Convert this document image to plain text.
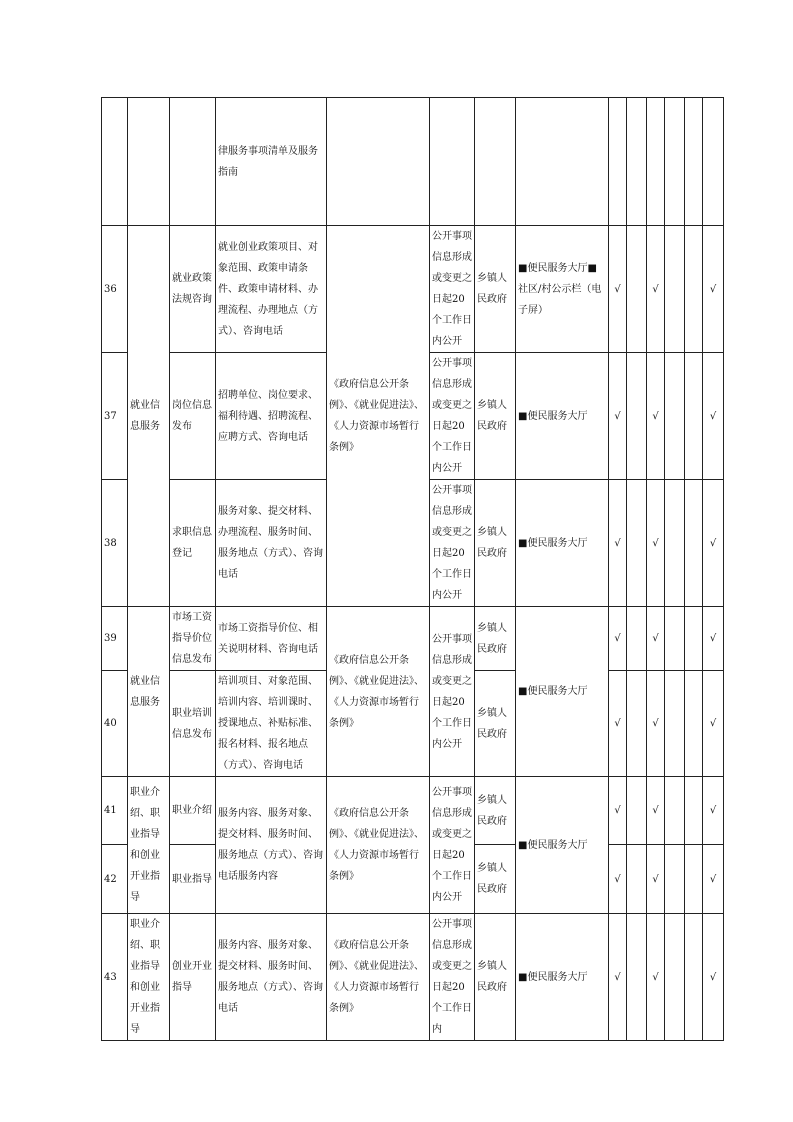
			律服务事项清单及服务指南										
36	就业信息服务	就业政策法规咨询	就业创业政策项目、对象范围、政策申请条件、政策申请材料、办理流程、办理地点（方式）、咨询电话	《政府信息公开条例》、《就业促进法》、《人力资源市场暂行条例》	公开事项信息形成或变更之日起20个工作日内公开	乡镇人民政府	■便民服务大厅■社区/村公示栏（电子屏）	√		√			√
37		岗位信息发布	招聘单位、岗位要求、福利待遇、招聘流程、应聘方式、咨询电话		公开事项信息形成或变更之日起20个工作日内公开	乡镇人民政府	■便民服务大厅	√		√			√
38		求职信息登记	服务对象、提交材料、办理流程、服务时间、服务地点（方式）、咨询电话		公开事项信息形成或变更之日起20个工作日内公开	乡镇人民政府	■便民服务大厅	√		√			√
39	就业信息服务	市场工资指导价位信息发布	市场工资指导价位、相关说明材料、咨询电话	《政府信息公开条例》、《就业促进法》、《人力资源市场暂行条例》	公开事项信息形成或变更之日起20个工作日内公开	乡镇人民政府	■便民服务大厅	√		√			√
40		职业培训信息发布	培训项目、对象范围、培训内容、培训课时、授课地点、补贴标准、报名材料、报名地点（方式）、咨询电话			乡镇人民政府		√		√			√
41	职业介绍、职业指导和创业开业指导	职业介绍	服务内容、服务对象、提交材料、服务时间、服务地点（方式）、咨询电话服务内容	《政府信息公开条例》、《就业促进法》、《人力资源市场暂行条例》	公开事项信息形成或变更之日起20个工作日内公开	乡镇人民政府	■便民服务大厅	√		√			√
42		职业指导				乡镇人民政府		√		√			√
43	职业介绍、职业指导和创业开业指导	创业开业指导	服务内容、服务对象、提交材料、服务时间、服务地点（方式）、咨询电话	《政府信息公开条例》、《就业促进法》、《人力资源市场暂行条例》	公开事项信息形成或变更之日起20个工作日内	乡镇人民政府	■便民服务大厅	√		√			√
